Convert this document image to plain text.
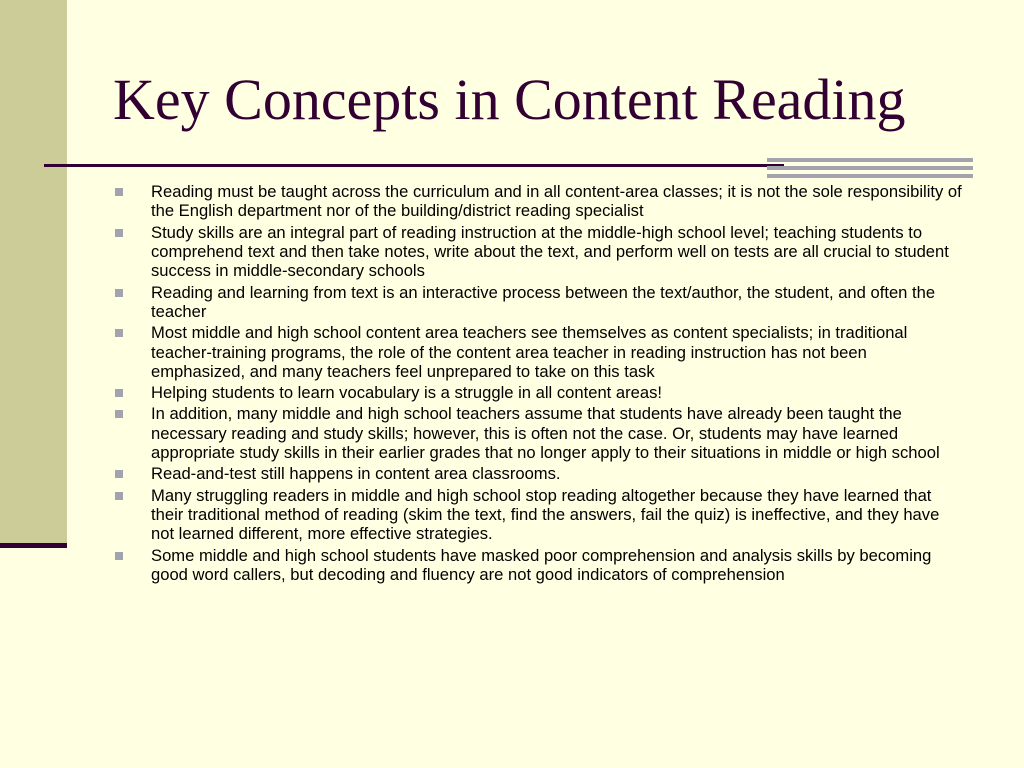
Key Concepts in Content Reading
Reading must be taught across the curriculum and in all content-area classes; it is not the sole responsibility of the English department nor of the building/district reading specialist
Study skills are an integral part of reading instruction at the middle-high school level; teaching students to comprehend text and then take notes, write about the text, and perform well on tests are all crucial to student success in middle-secondary schools
Reading and learning from text is an interactive process between the text/author, the student, and often the teacher
Most middle and high school content area teachers see themselves as content specialists; in traditional teacher-training programs, the role of the content area teacher in reading instruction has not been emphasized, and many teachers feel unprepared to take on this task
Helping students to learn vocabulary is a struggle in all content areas!
In addition, many middle and high school teachers assume that students have already been taught the necessary reading and study skills; however, this is often not the case. Or, students may have learned appropriate study skills in their earlier grades that no longer apply to their situations in middle or high school
Read-and-test still happens in content area classrooms.
Many struggling readers in middle and high school stop reading altogether because they have learned that their traditional method of reading (skim the text, find the answers, fail the quiz) is ineffective, and they have not learned different, more effective strategies.
Some middle and high school students have masked poor comprehension and analysis skills by becoming good word callers, but decoding and fluency are not good indicators of comprehension
